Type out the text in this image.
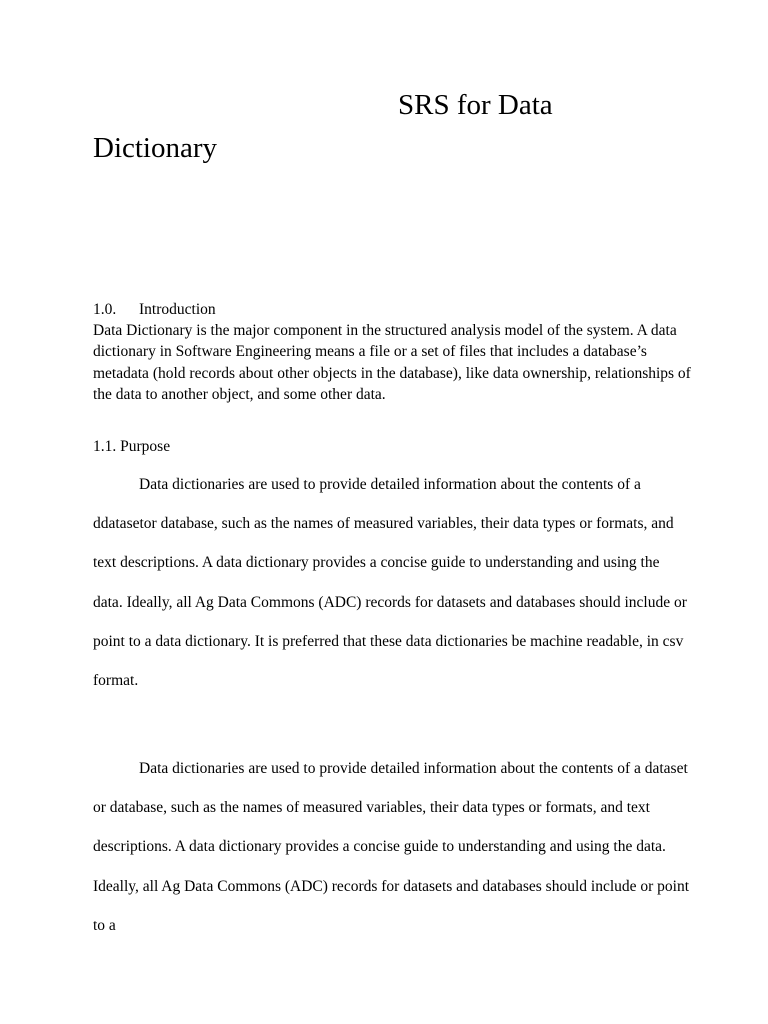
SRS for Data
Dictionary
1.0. Introduction

Data Dictionary is the major component in the structured analysis model of the system. A data dictionary in Software Engineering means a file or a set of files that includes a database’s metadata (hold records about other objects in the database), like data ownership, relationships of the data to another object, and some other data.

1.1. Purpose

Data dictionaries are used to provide detailed information about the contents of a ddatasetor database, such as the names of measured variables, their data types or formats, and text descriptions. A data dictionary provides a concise guide to understanding and using the data. Ideally, all Ag Data Commons (ADC) records for datasets and databases should include or point to a data dictionary. It is preferred that these data dictionaries be machine readable, in csv format.

Data dictionaries are used to provide detailed information about the contents of a dataset or database, such as the names of measured variables, their data types or formats, and text descriptions. A data dictionary provides a concise guide to understanding and using the data. Ideally, all Ag Data Commons (ADC) records for datasets and databases should include or point to a
